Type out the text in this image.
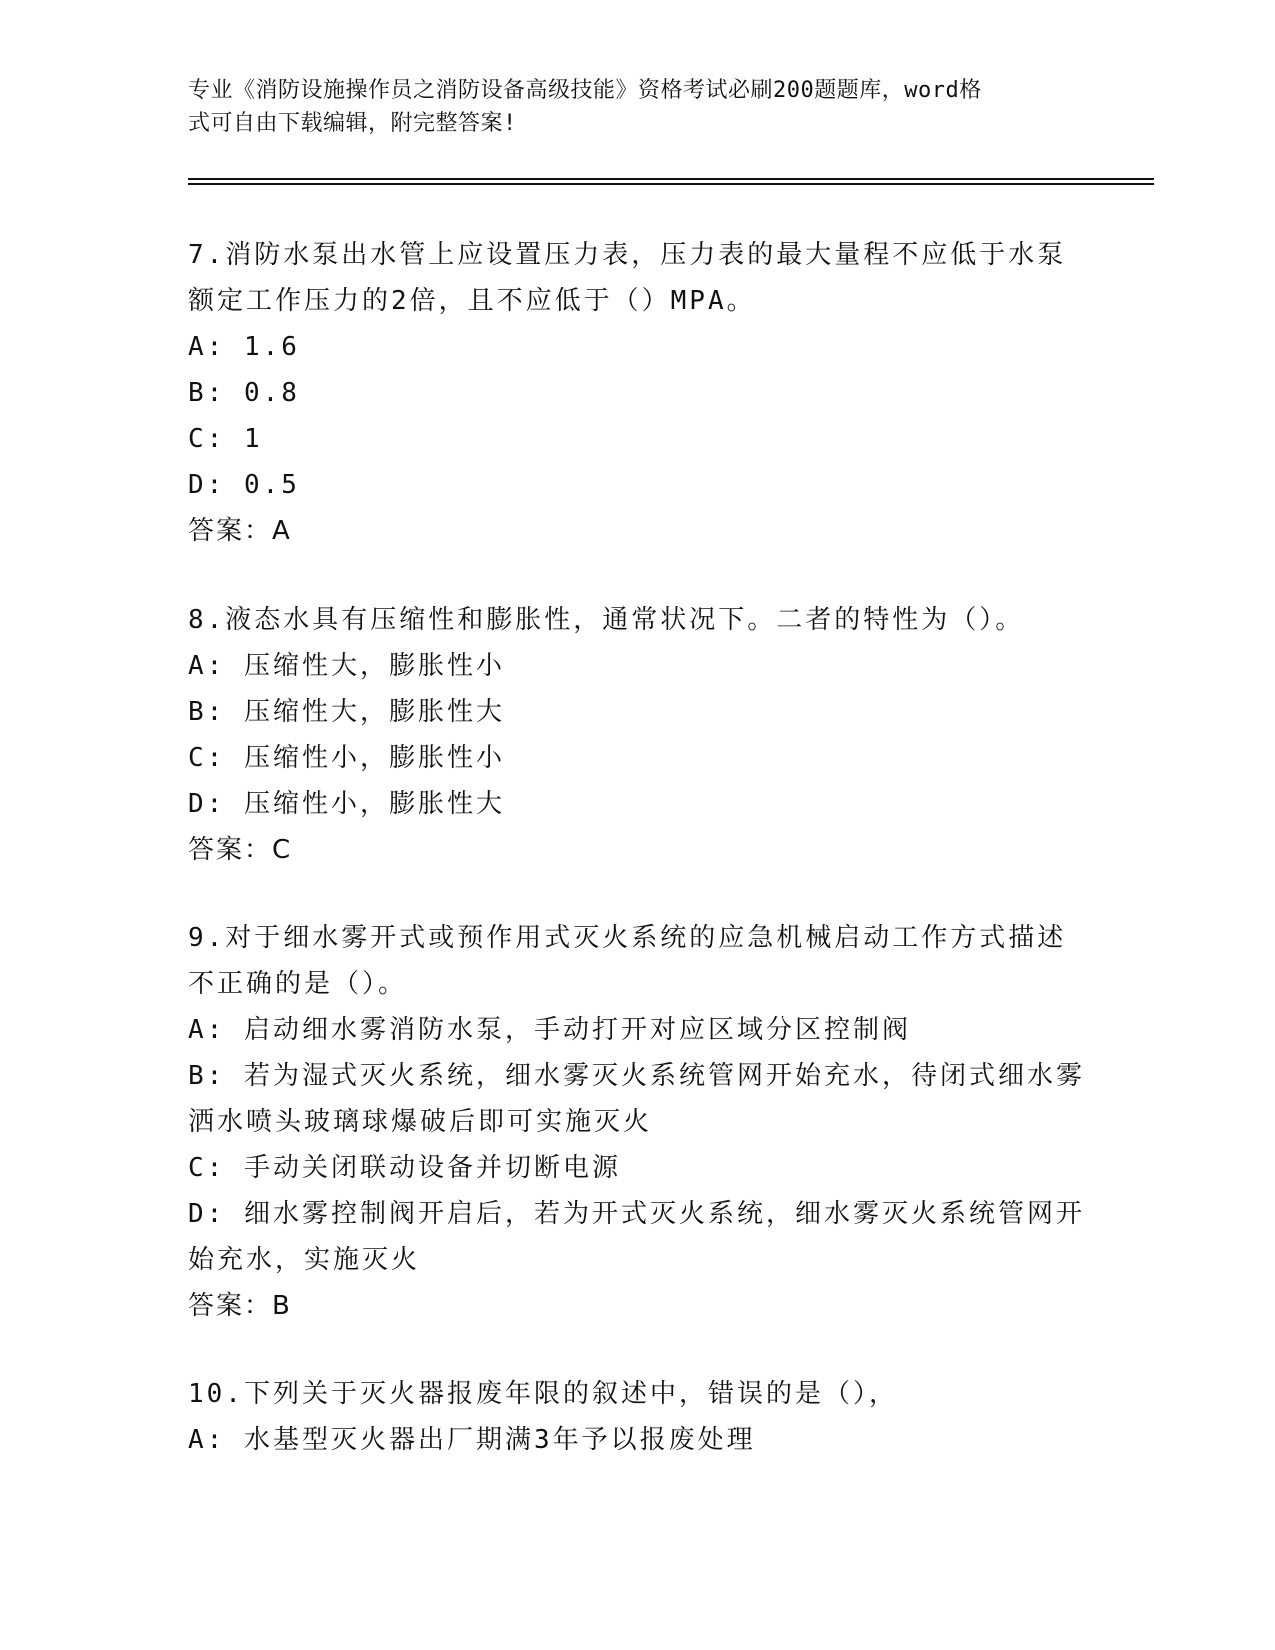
专业《消防设施操作员之消防设备高级技能》资格考试必刷200题题库，word格
式可自由下载编辑，附完整答案!
7.消防水泵出水管上应设置压力表，压力表的最大量程不应低于水泵
额定工作压力的2倍，且不应低于（）MPA。
A: 1.6
B: 0.8
C: 1
D: 0.5
答案：A
8.液态水具有压缩性和膨胀性，通常状况下。二者的特性为（）。
A: 压缩性大，膨胀性小
B: 压缩性大，膨胀性大
C: 压缩性小，膨胀性小
D: 压缩性小，膨胀性大
答案：C
9.对于细水雾开式或预作用式灭火系统的应急机械启动工作方式描述
不正确的是（）。
A: 启动细水雾消防水泵，手动打开对应区域分区控制阀
B: 若为湿式灭火系统，细水雾灭火系统管网开始充水，待闭式细水雾
洒水喷头玻璃球爆破后即可实施灭火
C: 手动关闭联动设备并切断电源
D: 细水雾控制阀开启后，若为开式灭火系统，细水雾灭火系统管网开
始充水，实施灭火
答案：B
10.下列关于灭火器报废年限的叙述中，错误的是（），
A: 水基型灭火器出厂期满3年予以报废处理
